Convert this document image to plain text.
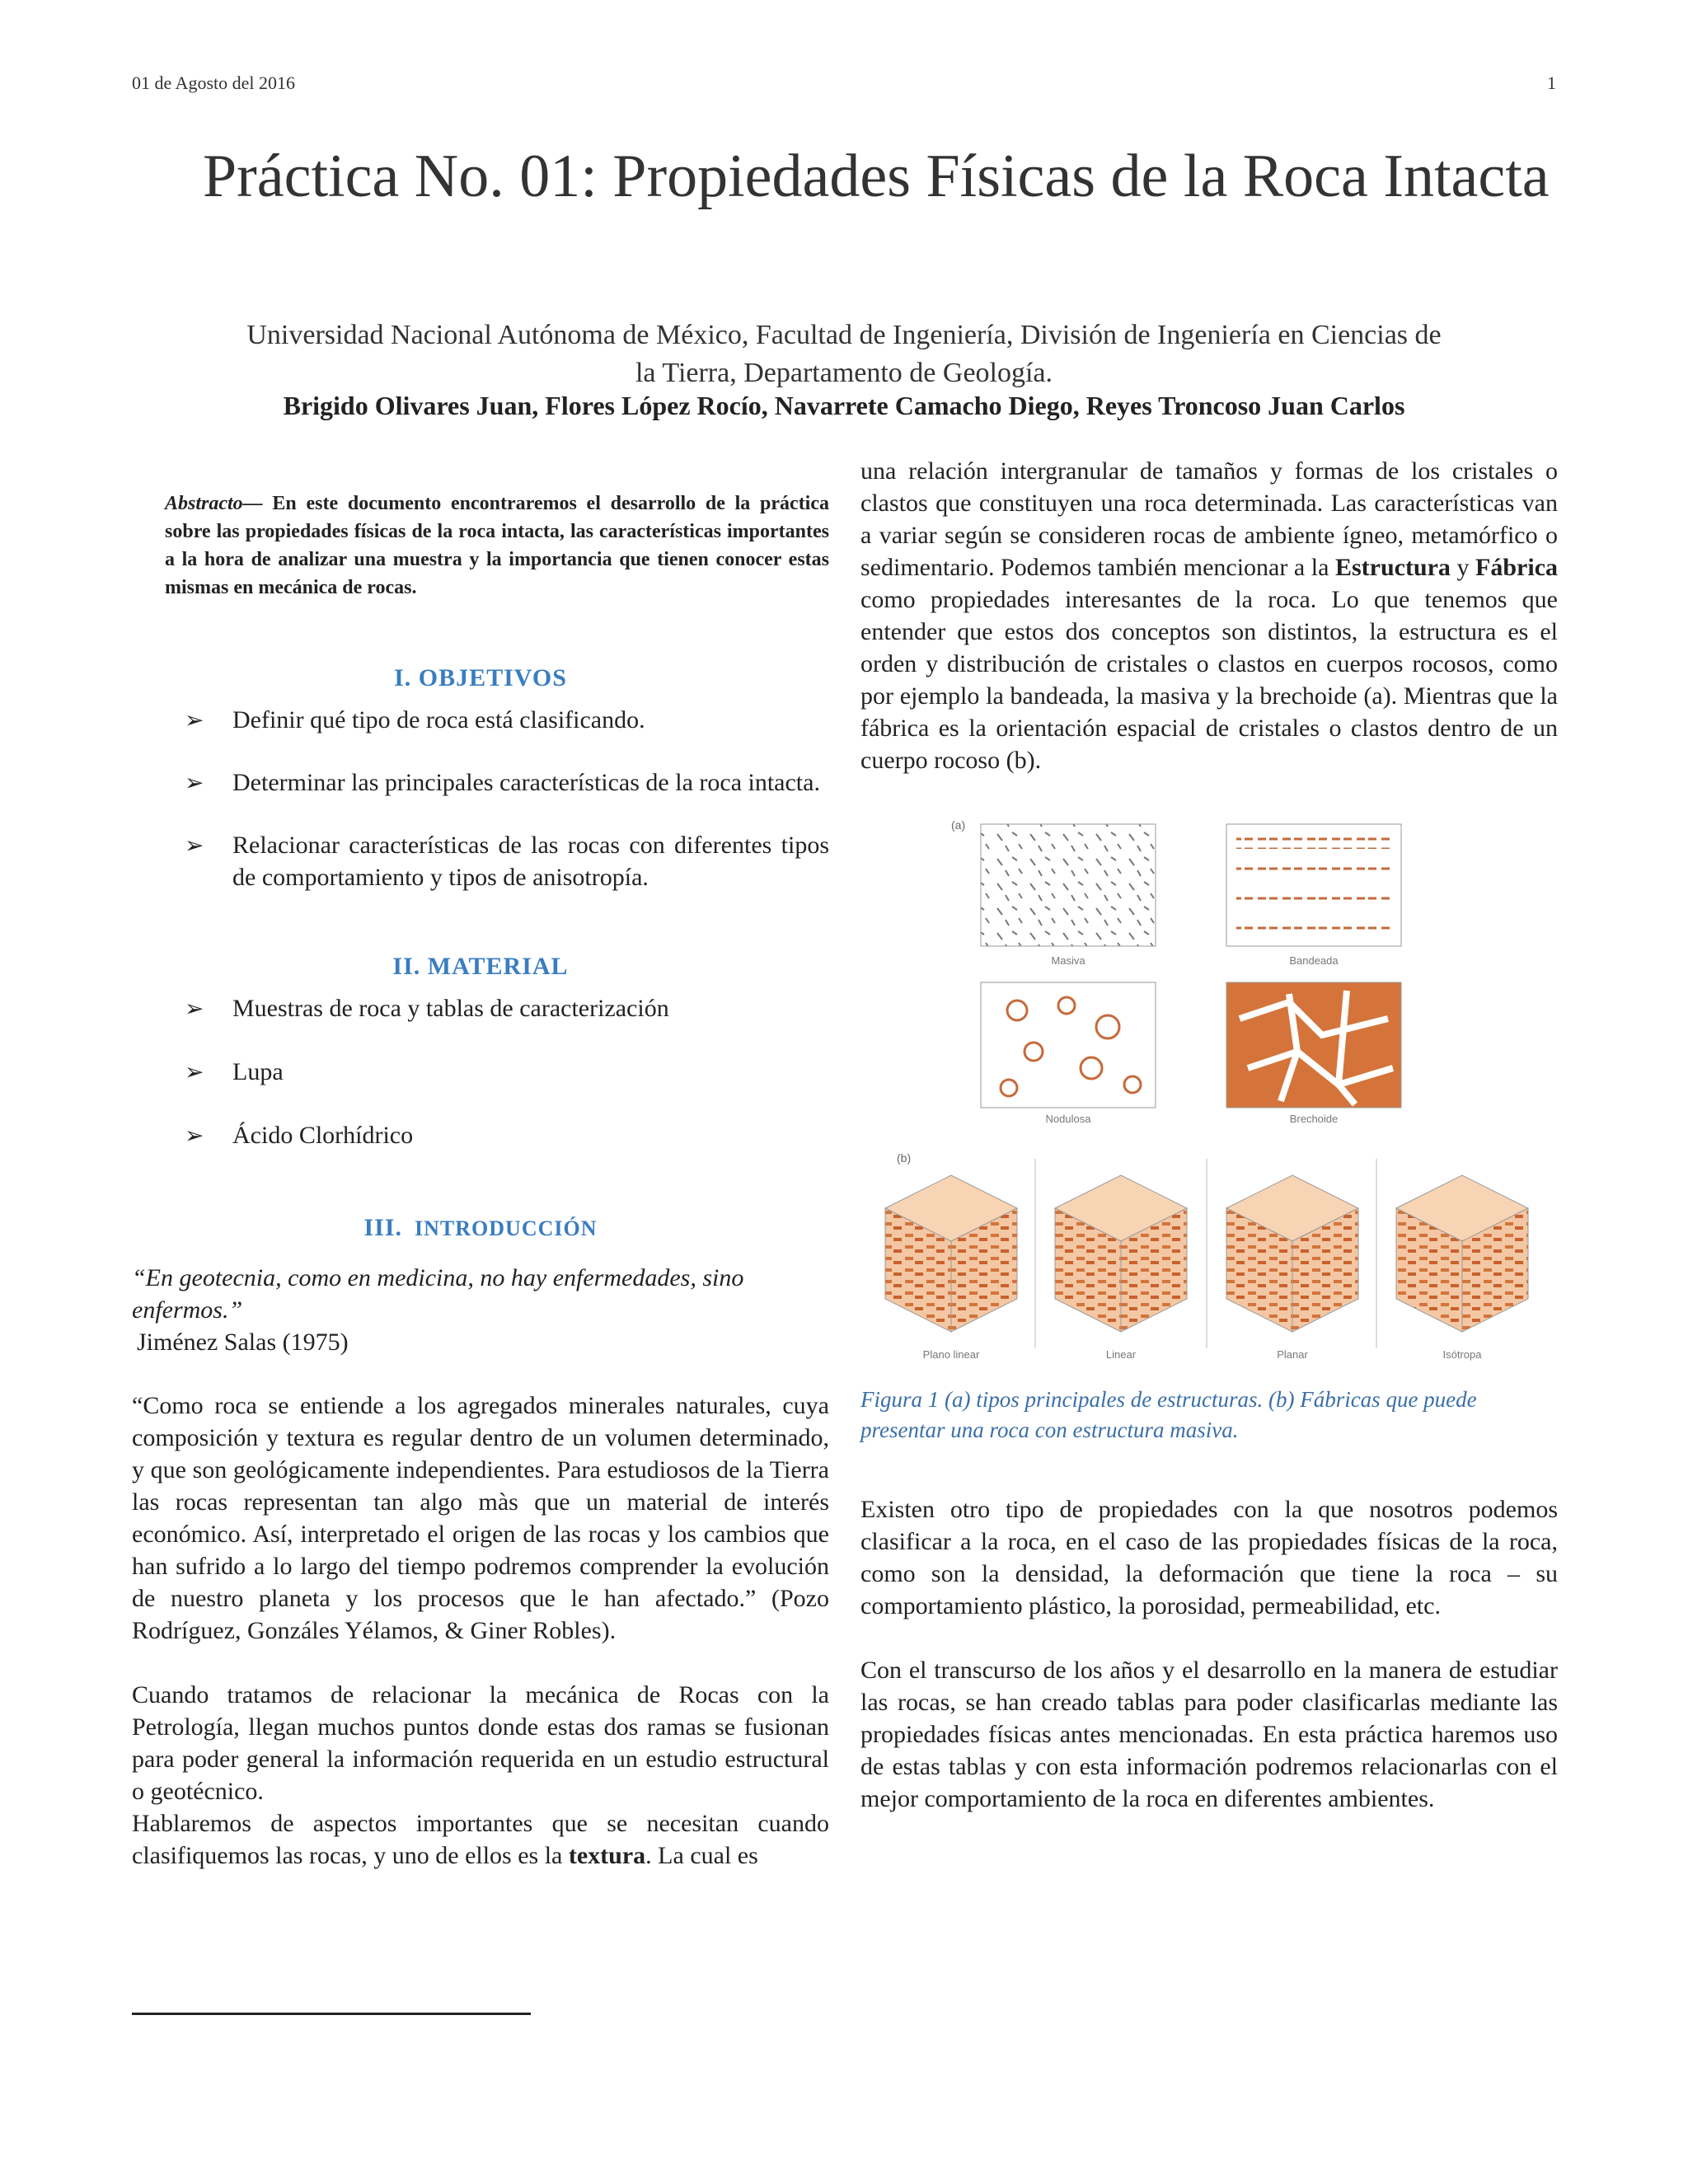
01 de Agosto del 2016	1
Práctica No. 01: Propiedades Físicas de la Roca Intacta
Universidad Nacional Autónoma de México, Facultad de Ingeniería, División de Ingeniería en Ciencias de
la Tierra, Departamento de Geología.
Brigido Olivares Juan, Flores López Rocío, Navarrete Camacho Diego, Reyes Troncoso Juan Carlos

Abstracto— En este documento encontraremos el desarrollo de la práctica sobre las propiedades físicas de la roca intacta, las características importantes a la hora de analizar una muestra y la importancia que tienen conocer estas mismas en mecánica de rocas.

I. OBJETIVOS
➢ Definir qué tipo de roca está clasificando.
➢ Determinar las principales características de la roca intacta.
➢ Relacionar características de las rocas con diferentes tipos de comportamiento y tipos de anisotropía.
II. MATERIAL
➢ Muestras de roca y tablas de caracterización
➢ Lupa
➢ Ácido Clorhídrico
III. INTRODUCCIÓN
“En geotecnia, como en medicina, no hay enfermedades, sino enfermos.”
Jiménez Salas (1975)

“Como roca se entiende a los agregados minerales naturales, cuya composición y textura es regular dentro de un volumen determinado, y que son geológicamente independientes. Para estudiosos de la Tierra las rocas representan tan algo màs que un material de interés económico. Así, interpretado el origen de las rocas y los cambios que han sufrido a lo largo del tiempo podremos comprender la evolución de nuestro planeta y los procesos que le han afectado.” (Pozo Rodríguez, Gonzáles Yélamos, & Giner Robles).

Cuando tratamos de relacionar la mecánica de Rocas con la Petrología, llegan muchos puntos donde estas dos ramas se fusionan para poder general la información requerida en un estudio estructural o geotécnico.

Hablaremos de aspectos importantes que se necesitan cuando clasifiquemos las rocas, y uno de ellos es la textura. La cual es

una relación intergranular de tamaños y formas de los cristales o clastos que constituyen una roca determinada. Las características van a variar según se consideren rocas de ambiente ígneo, metamórfico o sedimentario. Podemos también mencionar a la Estructura y Fábrica como propiedades interesantes de la roca. Lo que tenemos que entender que estos dos conceptos son distintos, la estructura es el orden y distribución de cristales o clastos en cuerpos rocosos, como por ejemplo la bandeada, la masiva y la brechoide (a). Mientras que la fábrica es la orientación espacial de cristales o clastos dentro de un cuerpo rocoso (b).

(a)
Masiva	Bandeada
Nodulosa	Brechoide
(b)
Plano linear	Linear	Planar	Isótropa

Figura 1 (a) tipos principales de estructuras. (b) Fábricas que puede presentar una roca con estructura masiva.

Existen otro tipo de propiedades con la que nosotros podemos clasificar a la roca, en el caso de las propiedades físicas de la roca, como son la densidad, la deformación que tiene la roca – su comportamiento plástico, la porosidad, permeabilidad, etc.

Con el transcurso de los años y el desarrollo en la manera de estudiar las rocas, se han creado tablas para poder clasificarlas mediante las propiedades físicas antes mencionadas. En esta práctica haremos uso de estas tablas y con esta información podremos relacionarlas con el mejor comportamiento de la roca en diferentes ambientes.
